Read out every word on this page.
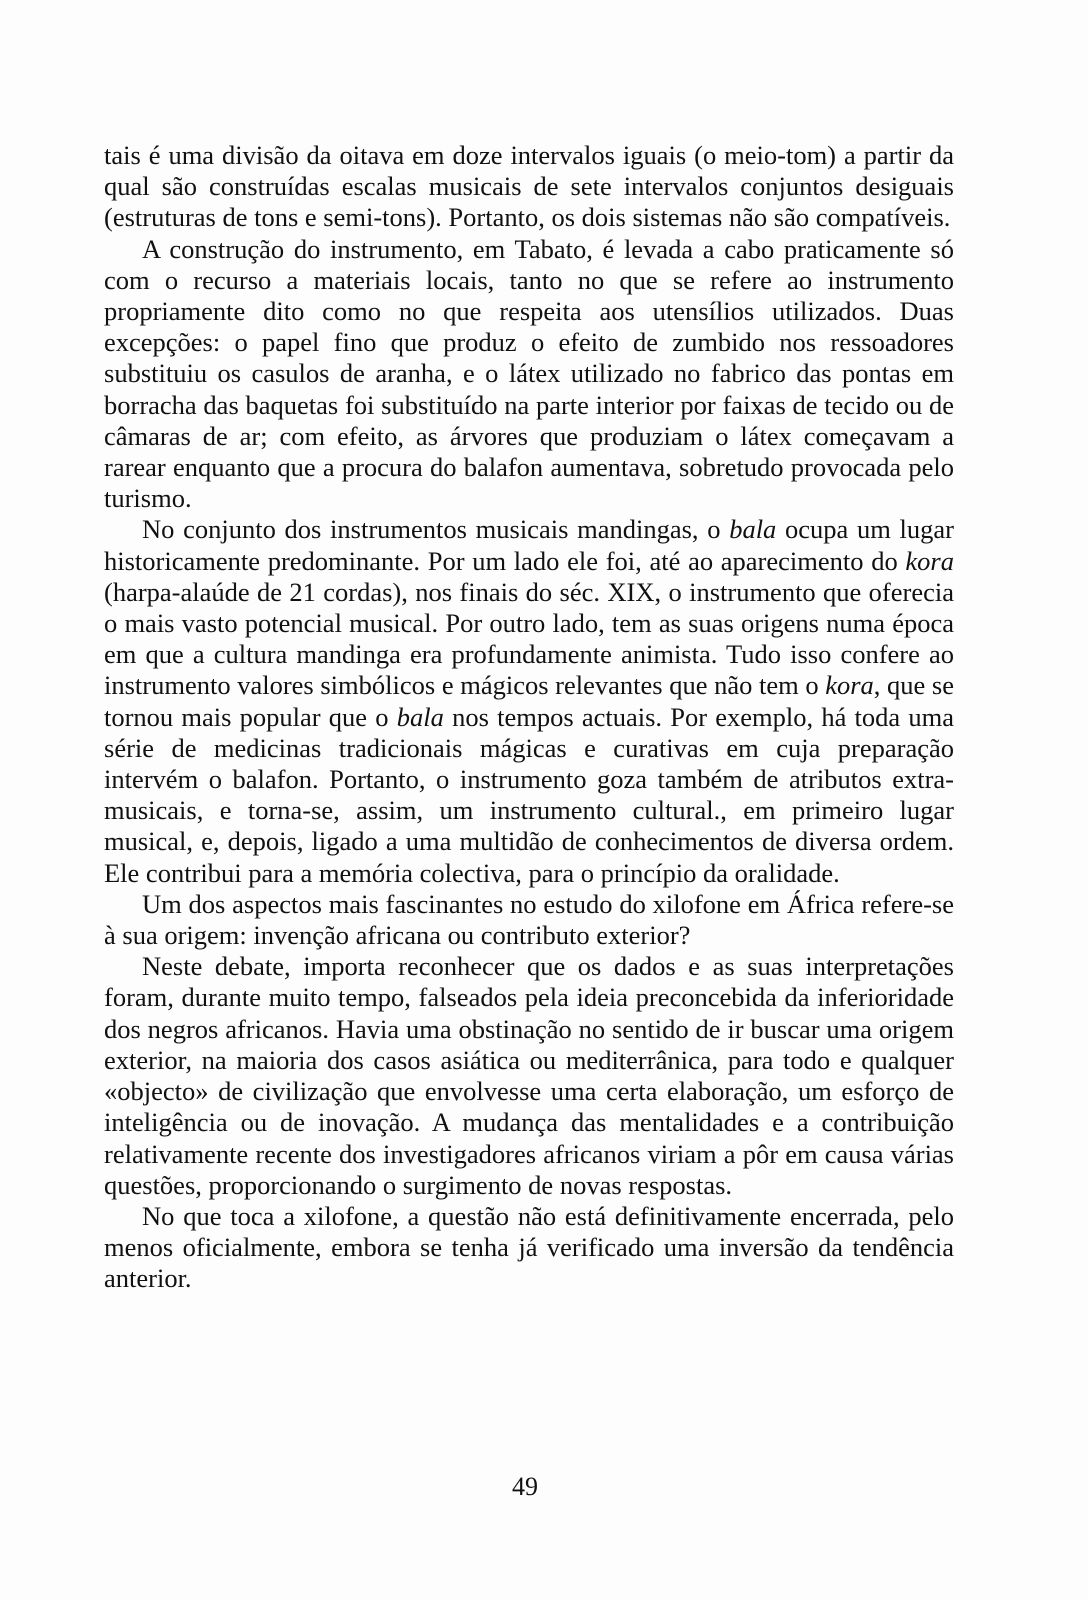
tais é uma divisão da oitava em doze intervalos iguais (o meio-tom) a partir da qual são construídas escalas musicais de sete intervalos conjuntos desiguais (estruturas de tons e semi-tons). Portanto, os dois sistemas não são compatíveis.

A construção do instrumento, em Tabato, é levada a cabo praticamente só com o recurso a materiais locais, tanto no que se refere ao instrumento propriamente dito como no que respeita aos utensílios utilizados. Duas excepções: o papel fino que produz o efeito de zumbido nos ressoadores substituiu os casulos de aranha, e o látex utilizado no fabrico das pontas em borracha das baquetas foi substituído na parte interior por faixas de tecido ou de câmaras de ar; com efeito, as árvores que produziam o látex começavam a rarear enquanto que a procura do balafon aumentava, sobretudo provocada pelo turismo.

No conjunto dos instrumentos musicais mandingas, o bala ocupa um lugar historicamente predominante. Por um lado ele foi, até ao aparecimento do kora (harpa-alaúde de 21 cordas), nos finais do séc. XIX, o instrumento que oferecia o mais vasto potencial musical. Por outro lado, tem as suas origens numa época em que a cultura mandinga era profundamente animista. Tudo isso confere ao instrumento valores simbólicos e mágicos relevantes que não tem o kora, que se tornou mais popular que o bala nos tempos actuais. Por exemplo, há toda uma série de medicinas tradicionais mágicas e curativas em cuja preparação intervém o balafon. Portanto, o instrumento goza também de atributos extra-musicais, e torna-se, assim, um instrumento cultural., em primeiro lugar musical, e, depois, ligado a uma multidão de conhecimentos de diversa ordem. Ele contribui para a memória colectiva, para o princípio da oralidade.

Um dos aspectos mais fascinantes no estudo do xilofone em África refere-se à sua origem: invenção africana ou contributo exterior?

Neste debate, importa reconhecer que os dados e as suas interpretações foram, durante muito tempo, falseados pela ideia preconcebida da inferioridade dos negros africanos. Havia uma obstinação no sentido de ir buscar uma origem exterior, na maioria dos casos asiática ou mediterrânica, para todo e qualquer «objecto» de civilização que envolvesse uma certa elaboração, um esforço de inteligência ou de inovação. A mudança das mentalidades e a contribuição relativamente recente dos investigadores africanos viriam a pôr em causa várias questões, proporcionando o surgimento de novas respostas.

No que toca a xilofone, a questão não está definitivamente encerrada, pelo menos oficialmente, embora se tenha já verificado uma inversão da tendência anterior.

49
